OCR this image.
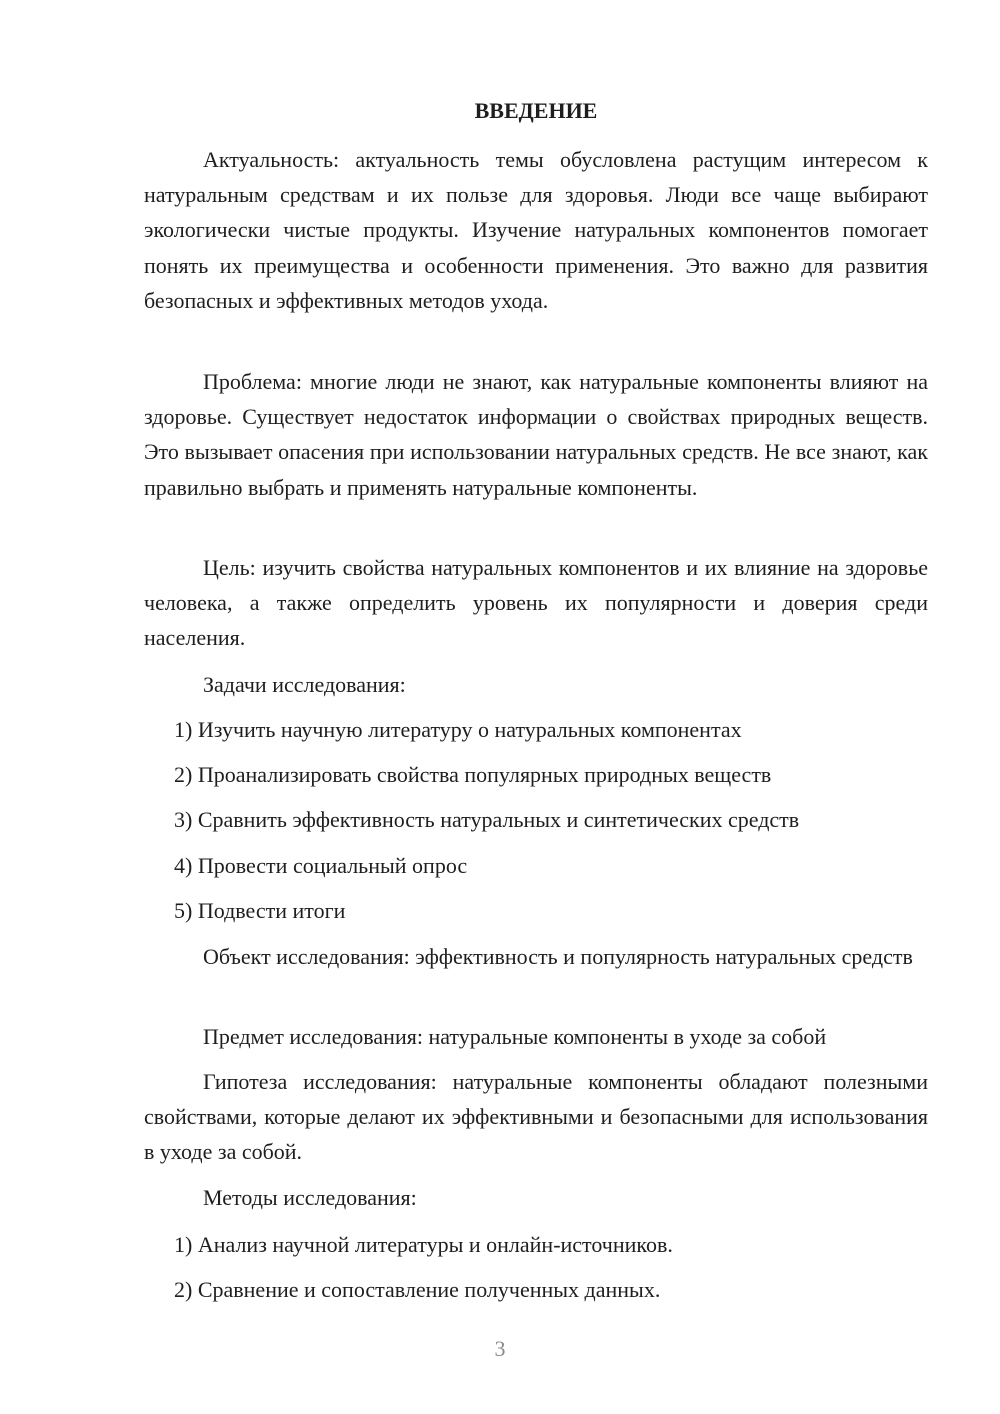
ВВЕДЕНИЕ

Актуальность: актуальность темы обусловлена растущим интересом к натуральным средствам и их пользе для здоровья. Люди все чаще выбирают экологически чистые продукты. Изучение натуральных компонентов помогает понять их преимущества и особенности применения. Это важно для развития безопасных и эффективных методов ухода.

Проблема: многие люди не знают, как натуральные компоненты влияют на здоровье. Существует недостаток информации о свойствах природных веществ. Это вызывает опасения при использовании натуральных средств. Не все знают, как правильно выбрать и применять натуральные компоненты.

Цель: изучить свойства натуральных компонентов и их влияние на здоровье человека, а также определить уровень их популярности и доверия среди населения.

Задачи исследования:

1) Изучить научную литературу о натуральных компонентах

2) Проанализировать свойства популярных природных веществ

3) Сравнить эффективность натуральных и синтетических средств

4) Провести социальный опрос

5) Подвести итоги

Объект исследования: эффективность и популярность натуральных средств

Предмет исследования: натуральные компоненты в уходе за собой

Гипотеза исследования: натуральные компоненты обладают полезными свойствами, которые делают их эффективными и безопасными для использования в уходе за собой.

Методы исследования:

1) Анализ научной литературы и онлайн-источников.

2) Сравнение и сопоставление полученных данных.

3
